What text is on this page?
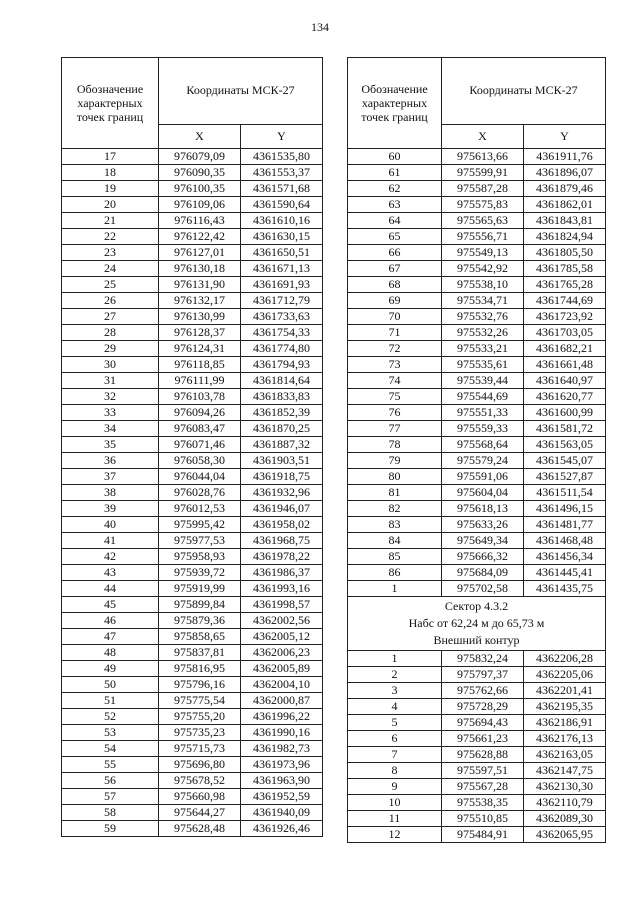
134
Обозначение характерных точек границ	Координаты МСК-27	
	X	Y
17	976079,09	4361535,80
18	976090,35	4361553,37
19	976100,35	4361571,68
20	976109,06	4361590,64
21	976116,43	4361610,16
22	976122,42	4361630,15
23	976127,01	4361650,51
24	976130,18	4361671,13
25	976131,90	4361691,93
26	976132,17	4361712,79
27	976130,99	4361733,63
28	976128,37	4361754,33
29	976124,31	4361774,80
30	976118,85	4361794,93
31	976111,99	4361814,64
32	976103,78	4361833,83
33	976094,26	4361852,39
34	976083,47	4361870,25
35	976071,46	4361887,32
36	976058,30	4361903,51
37	976044,04	4361918,75
38	976028,76	4361932,96
39	976012,53	4361946,07
40	975995,42	4361958,02
41	975977,53	4361968,75
42	975958,93	4361978,22
43	975939,72	4361986,37
44	975919,99	4361993,16
45	975899,84	4361998,57
46	975879,36	4362002,56
47	975858,65	4362005,12
48	975837,81	4362006,23
49	975816,95	4362005,89
50	975796,16	4362004,10
51	975775,54	4362000,87
52	975755,20	4361996,22
53	975735,23	4361990,16
54	975715,73	4361982,73
55	975696,80	4361973,96
56	975678,52	4361963,90
57	975660,98	4361952,59
58	975644,27	4361940,09
59	975628,48	4361926,46
Обозначение характерных точек границ	Координаты МСК-27	
	X	Y
60	975613,66	4361911,76
61	975599,91	4361896,07
62	975587,28	4361879,46
63	975575,83	4361862,01
64	975565,63	4361843,81
65	975556,71	4361824,94
66	975549,13	4361805,50
67	975542,92	4361785,58
68	975538,10	4361765,28
69	975534,71	4361744,69
70	975532,76	4361723,92
71	975532,26	4361703,05
72	975533,21	4361682,21
73	975535,61	4361661,48
74	975539,44	4361640,97
75	975544,69	4361620,77
76	975551,33	4361600,99
77	975559,33	4361581,72
78	975568,64	4361563,05
79	975579,24	4361545,07
80	975591,06	4361527,87
81	975604,04	4361511,54
82	975618,13	4361496,15
83	975633,26	4361481,77
84	975649,34	4361468,48
85	975666,32	4361456,34
86	975684,09	4361445,41
1	975702,58	4361435,75

Сектор 4.3.2
Набс от 62,24 м до 65,73 м
Внешний контур		

1	975832,24	4362206,28
2	975797,37	4362205,06
3	975762,66	4362201,41
4	975728,29	4362195,35
5	975694,43	4362186,91
6	975661,23	4362176,13
7	975628,88	4362163,05
8	975597,51	4362147,75
9	975567,28	4362130,30
10	975538,35	4362110,79
11	975510,85	4362089,30
12	975484,91	4362065,95
